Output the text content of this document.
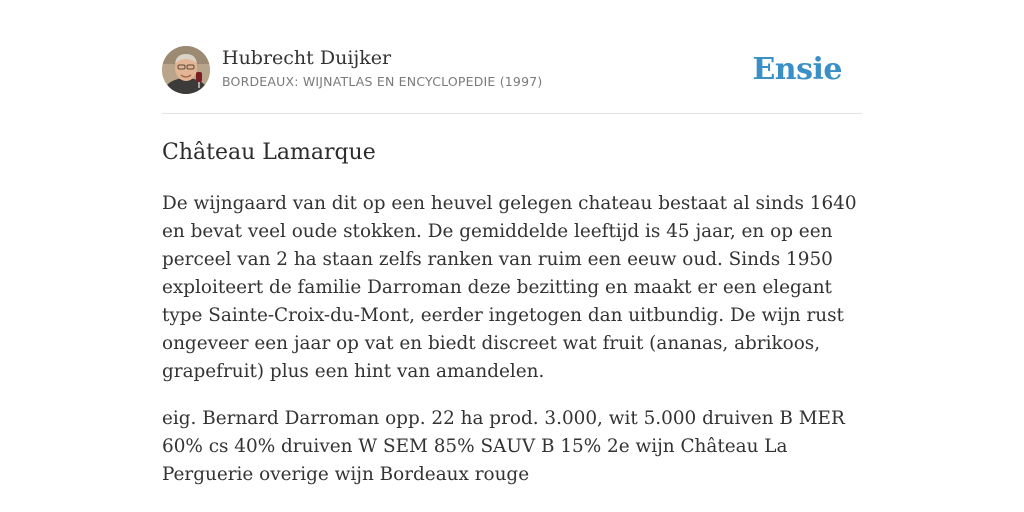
Hubrecht Duijker
BORDEAUX: WIJNATLAS EN ENCYCLOPEDIE (1997)	Ensie
Château Lamarque

De wijngaard van dit op een heuvel gelegen chateau bestaat al sinds 1640 en bevat veel oude stokken. De gemiddelde leeftijd is 45 jaar, en op een perceel van 2 ha staan zelfs ranken van ruim een eeuw oud. Sinds 1950 exploiteert de familie Darroman deze bezitting en maakt er een elegant type Sainte-Croix-du-Mont, eerder ingetogen dan uitbundig. De wijn rust ongeveer een jaar op vat en biedt discreet wat fruit (ananas, abrikoos, grapefruit) plus een hint van amandelen.

eig. Bernard Darroman opp. 22 ha prod. 3.000, wit 5.000 druiven B MER 60% cs 40% druiven W SEM 85% SAUV B 15% 2e wijn Château La Perguerie overige wijn Bordeaux rouge
